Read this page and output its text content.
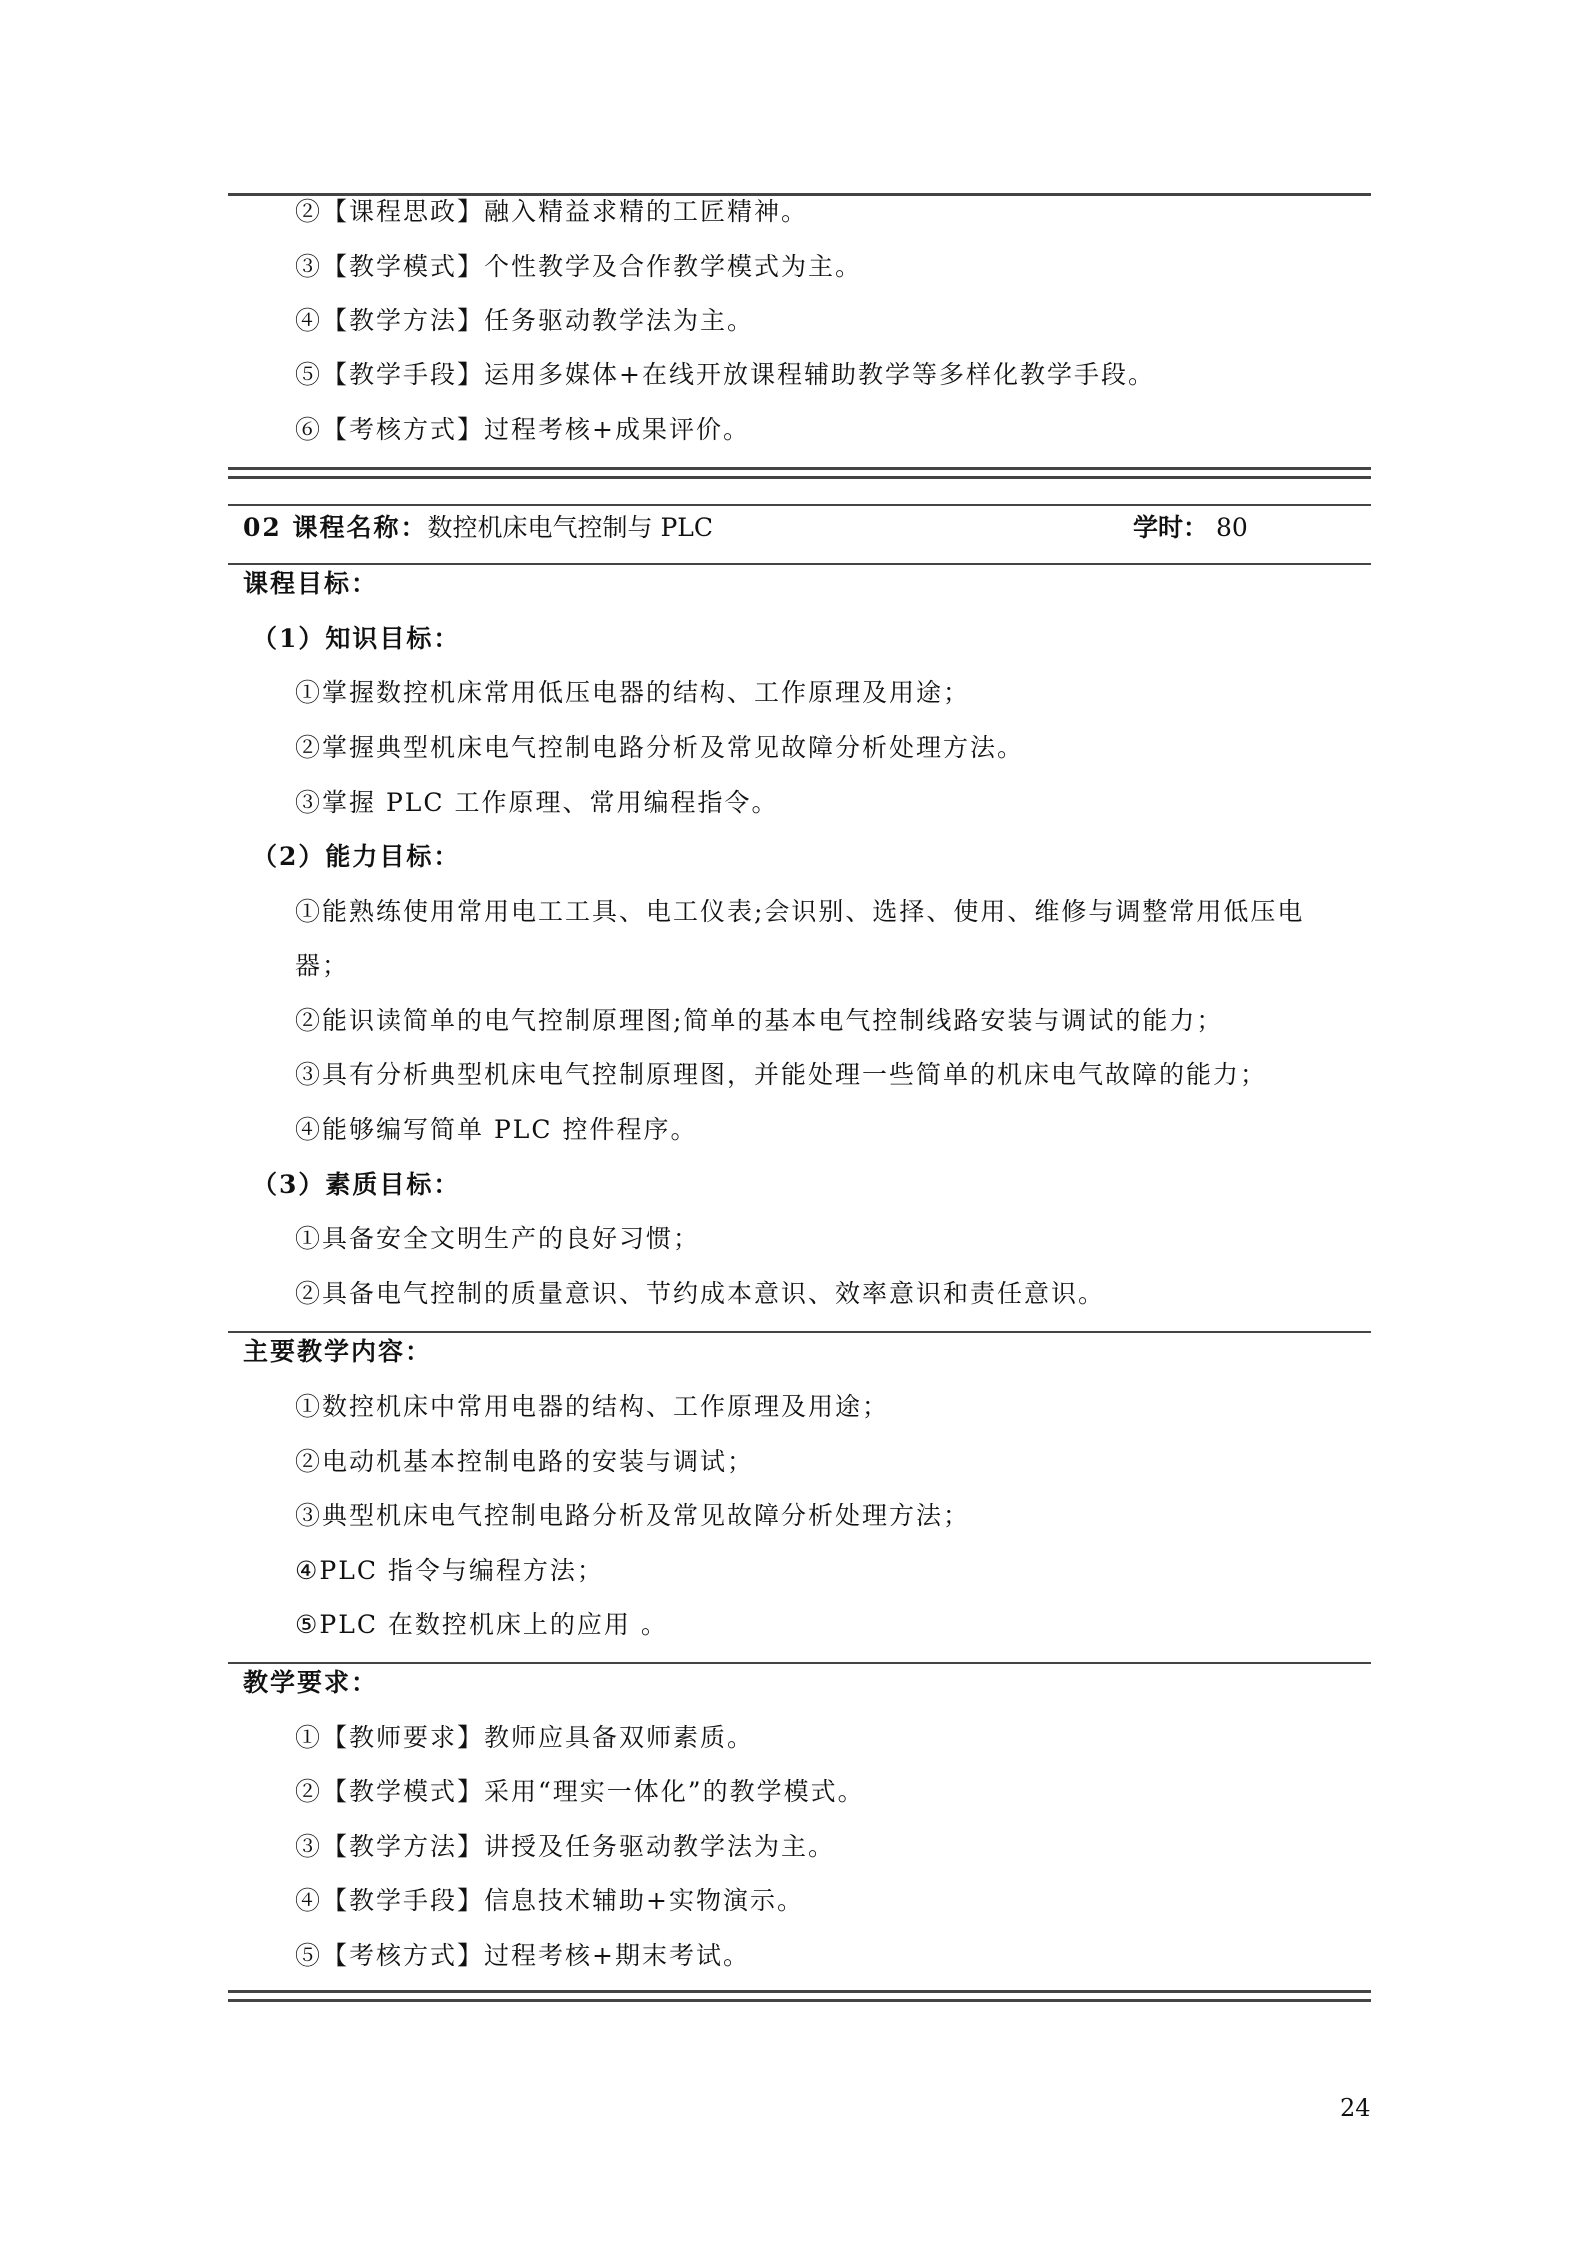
②【课程思政】融入精益求精的工匠精神。
③【教学模式】个性教学及合作教学模式为主。
④【教学方法】任务驱动教学法为主。
⑤【教学手段】运用多媒体+在线开放课程辅助教学等多样化教学手段。
⑥【考核方式】过程考核+成果评价。
02 课程名称：数控机床电气控制与 PLC	学时： 80
课程目标：
（1）知识目标：
①掌握数控机床常用低压电器的结构、工作原理及用途；
②掌握典型机床电气控制电路分析及常见故障分析处理方法。
③掌握 PLC 工作原理、常用编程指令。
（2）能力目标：
①能熟练使用常用电工工具、电工仪表;会识别、选择、使用、维修与调整常用低压电
器；
②能识读简单的电气控制原理图;简单的基本电气控制线路安装与调试的能力；
③具有分析典型机床电气控制原理图，并能处理一些简单的机床电气故障的能力；
④能够编写简单 PLC 控件程序。
（3）素质目标：
①具备安全文明生产的良好习惯；
②具备电气控制的质量意识、节约成本意识、效率意识和责任意识。
主要教学内容：
①数控机床中常用电器的结构、工作原理及用途；
②电动机基本控制电路的安装与调试；
③典型机床电气控制电路分析及常见故障分析处理方法；
④PLC 指令与编程方法；
⑤PLC 在数控机床上的应用 。
教学要求：
①【教师要求】教师应具备双师素质。
②【教学模式】采用“理实一体化”的教学模式。
③【教学方法】讲授及任务驱动教学法为主。
④【教学手段】信息技术辅助+实物演示。
⑤【考核方式】过程考核+期末考试。
24
